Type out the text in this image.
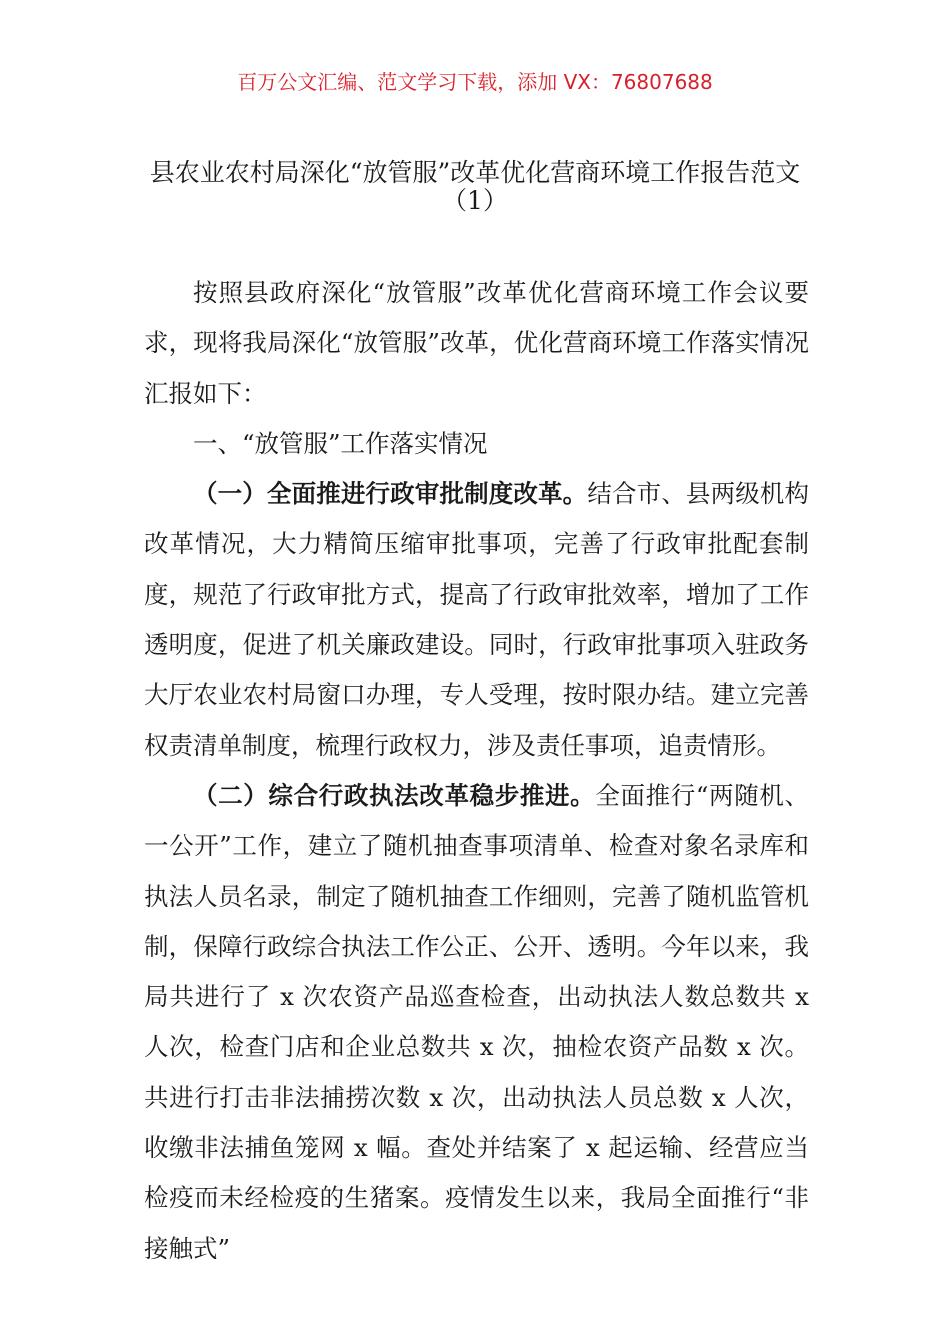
百万公文汇编、范文学习下载，添加 VX：76807688
县农业农村局深化“放管服”改革优化营商环境工作报告范文
（1）

按照县政府深化“放管服”改革优化营商环境工作会议要求，现将我局深化“放管服”改革，优化营商环境工作落实情况汇报如下：

一、“放管服”工作落实情况

（一）全面推进行政审批制度改革。结合市、县两级机构改革情况，大力精简压缩审批事项，完善了行政审批配套制度，规范了行政审批方式，提高了行政审批效率，增加了工作透明度，促进了机关廉政建设。同时，行政审批事项入驻政务大厅农业农村局窗口办理，专人受理，按时限办结。建立完善权责清单制度，梳理行政权力，涉及责任事项，追责情形。

（二）综合行政执法改革稳步推进。全面推行“两随机、一公开”工作，建立了随机抽查事项清单、检查对象名录库和执法人员名录，制定了随机抽查工作细则，完善了随机监管机制，保障行政综合执法工作公正、公开、透明。今年以来，我局共进行了 x 次农资产品巡查检查，出动执法人数总数共 x 人次，检查门店和企业总数共 x 次，抽检农资产品数 x 次。共进行打击非法捕捞次数 x 次，出动执法人员总数 x 人次，收缴非法捕鱼笼网 x 幅。查处并结案了 x 起运输、经营应当检疫而未经检疫的生猪案。疫情发生以来，我局全面推行“非接触式”
